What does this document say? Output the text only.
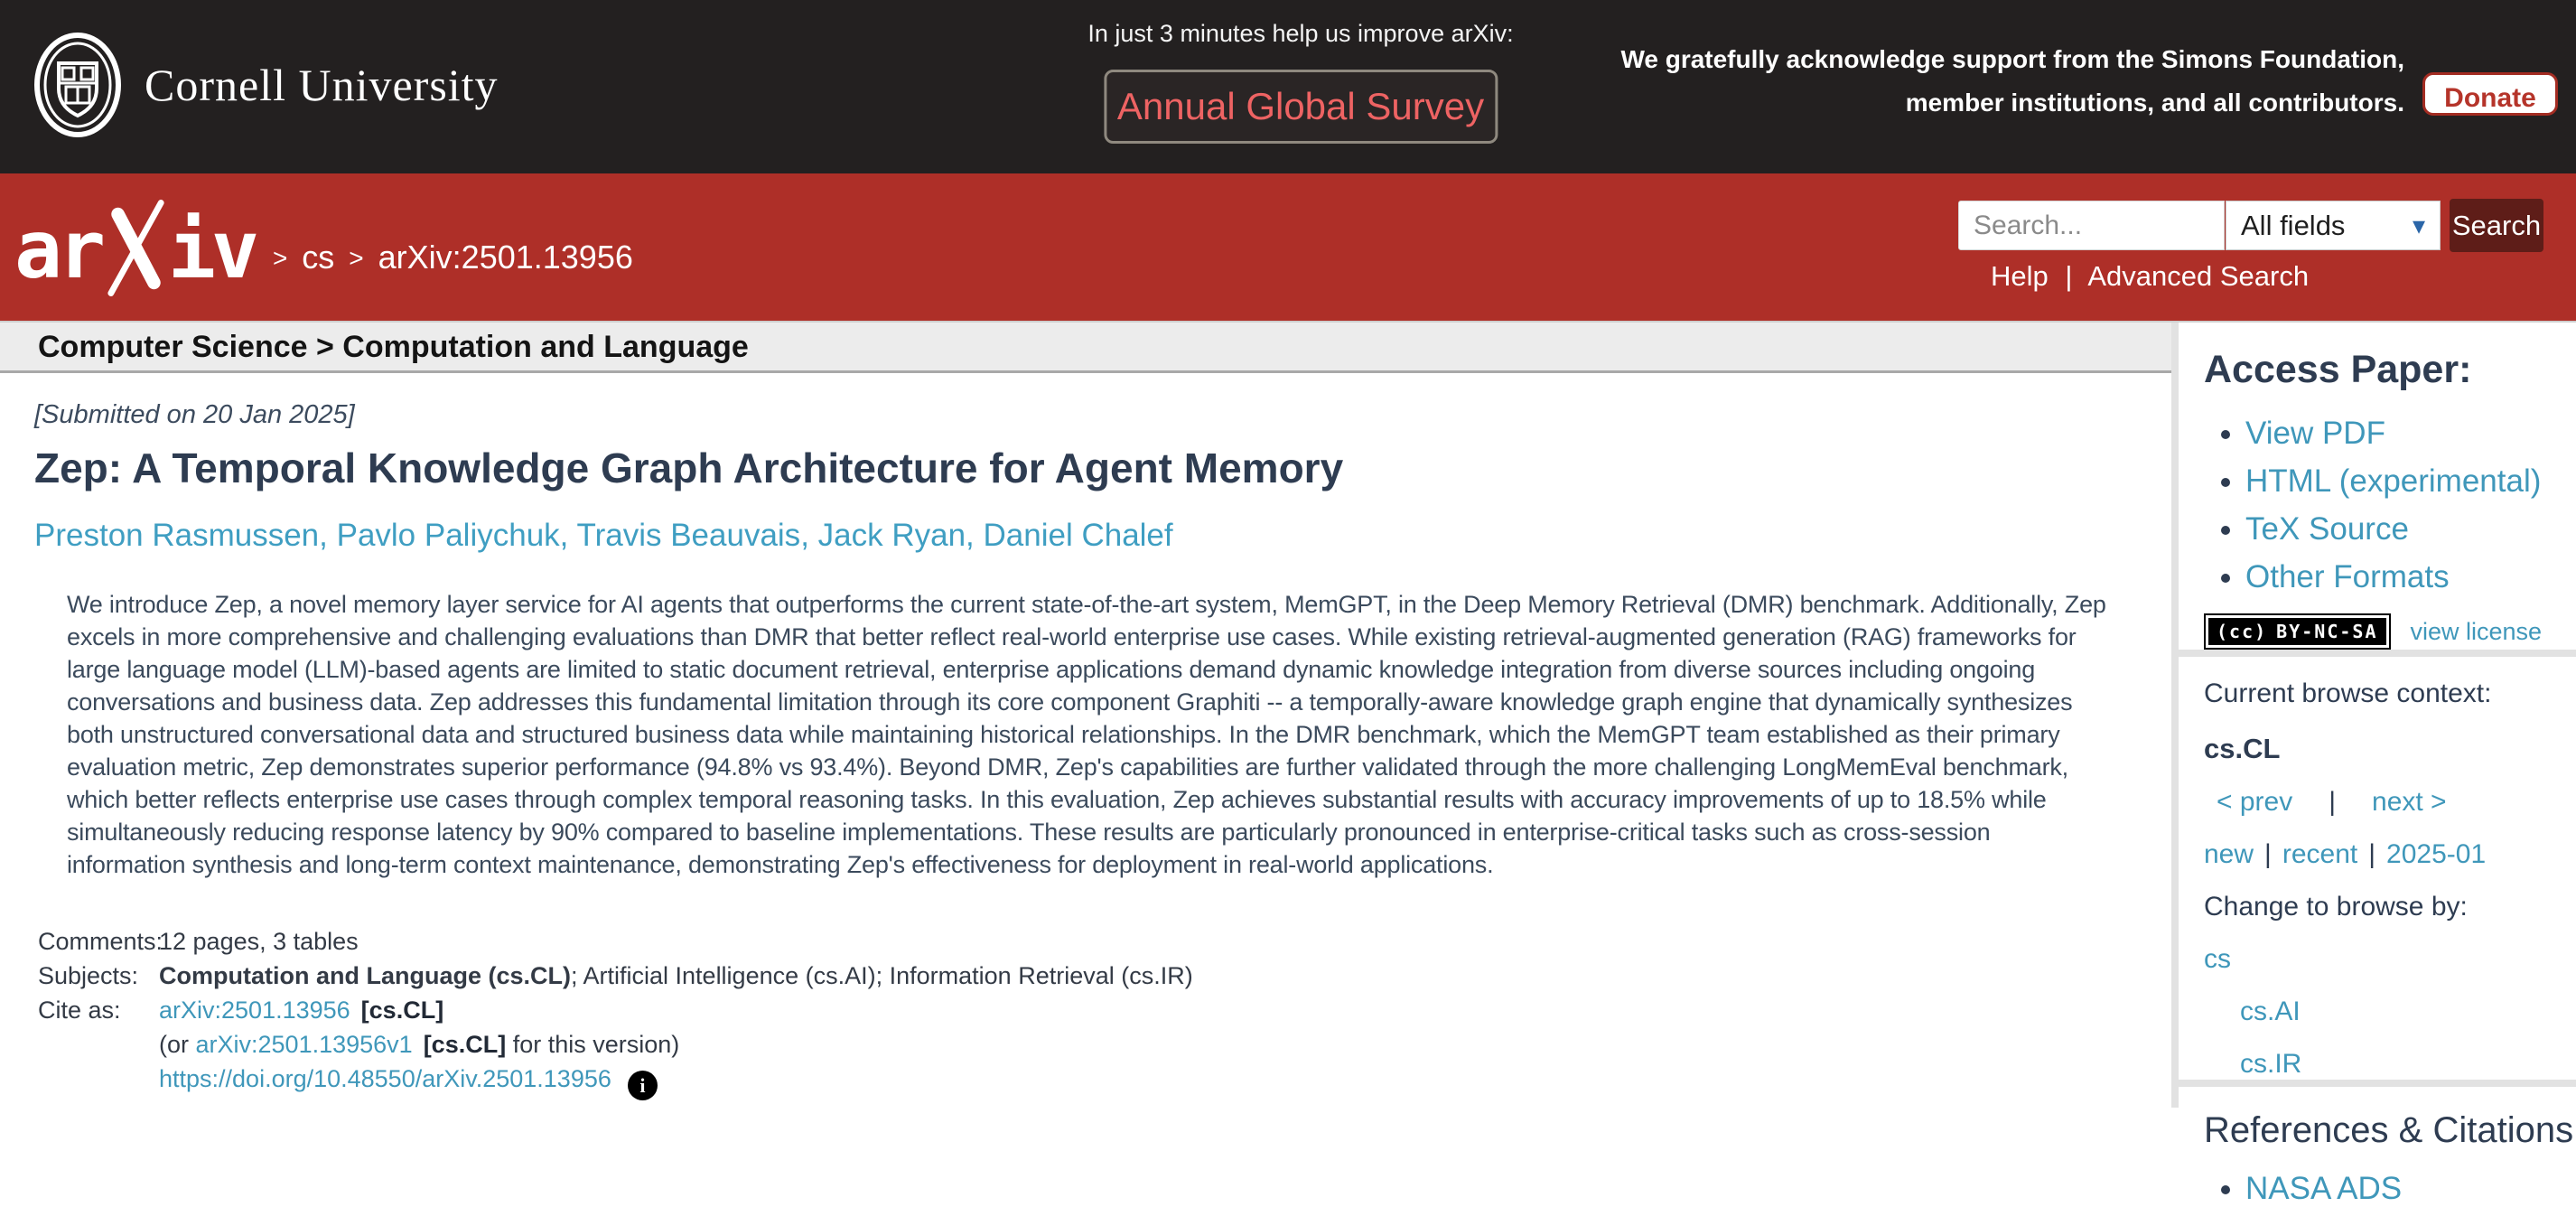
Cornell University
In just 3 minutes help us improve arXiv:
Annual Global Survey
We gratefully acknowledge support from the Simons Foundation,
member institutions, and all contributors.	Donate
ar iv > cs > arXiv:2501.13956
Search...
All fields	▾ Search
Help | Advanced Search
Computer Science > Computation and Language
[Submitted on 20 Jan 2025]
Zep: A Temporal Knowledge Graph Architecture for Agent Memory
Preston Rasmussen, Pavlo Paliychuk, Travis Beauvais, Jack Ryan, Daniel Chalef
We introduce Zep, a novel memory layer service for AI agents that outperforms the current state-of-the-art system, MemGPT, in the Deep Memory Retrieval (DMR) benchmark. Additionally, Zep excels in more comprehensive and challenging evaluations than DMR that better reflect real-world enterprise use cases. While existing retrieval-augmented generation (RAG) frameworks for large language model (LLM)-based agents are limited to static document retrieval, enterprise applications demand dynamic knowledge integration from diverse sources including ongoing conversations and business data. Zep addresses this fundamental limitation through its core component Graphiti -- a temporally-aware knowledge graph engine that dynamically synthesizes both unstructured conversational data and structured business data while maintaining historical relationships. In the DMR benchmark, which the MemGPT team established as their primary evaluation metric, Zep demonstrates superior performance (94.8% vs 93.4%). Beyond DMR, Zep's capabilities are further validated through the more challenging LongMemEval benchmark, which better reflects enterprise use cases through complex temporal reasoning tasks. In this evaluation, Zep achieves substantial results with accuracy improvements of up to 18.5% while simultaneously reducing response latency by 90% compared to baseline implementations. These results are particularly pronounced in enterprise-critical tasks such as cross-session information synthesis and long-term context maintenance, demonstrating Zep's effectiveness for deployment in real-world applications.
Comments:
12 pages, 3 tables
Subjects: Computation and Language (cs.CL); Artificial Intelligence (cs.AI); Information Retrieval (cs.IR)
Cite as:	arXiv:2501.13956 [cs.CL]
(or arXiv:2501.13956v1 [cs.CL] for this version)
https://doi.org/10.48550/arXiv.2501.13956 i
Access Paper:
• View PDF
• HTML (experimental)
• TeX Source
• Other Formats
(cc) BY-NC-SA view license

Current browse context:

cs.CL

< prev | next >

new | recent | 2025-01

Change to browse by:

cs

cs.AI

cs.IR

References & Citations
• NASA ADS
